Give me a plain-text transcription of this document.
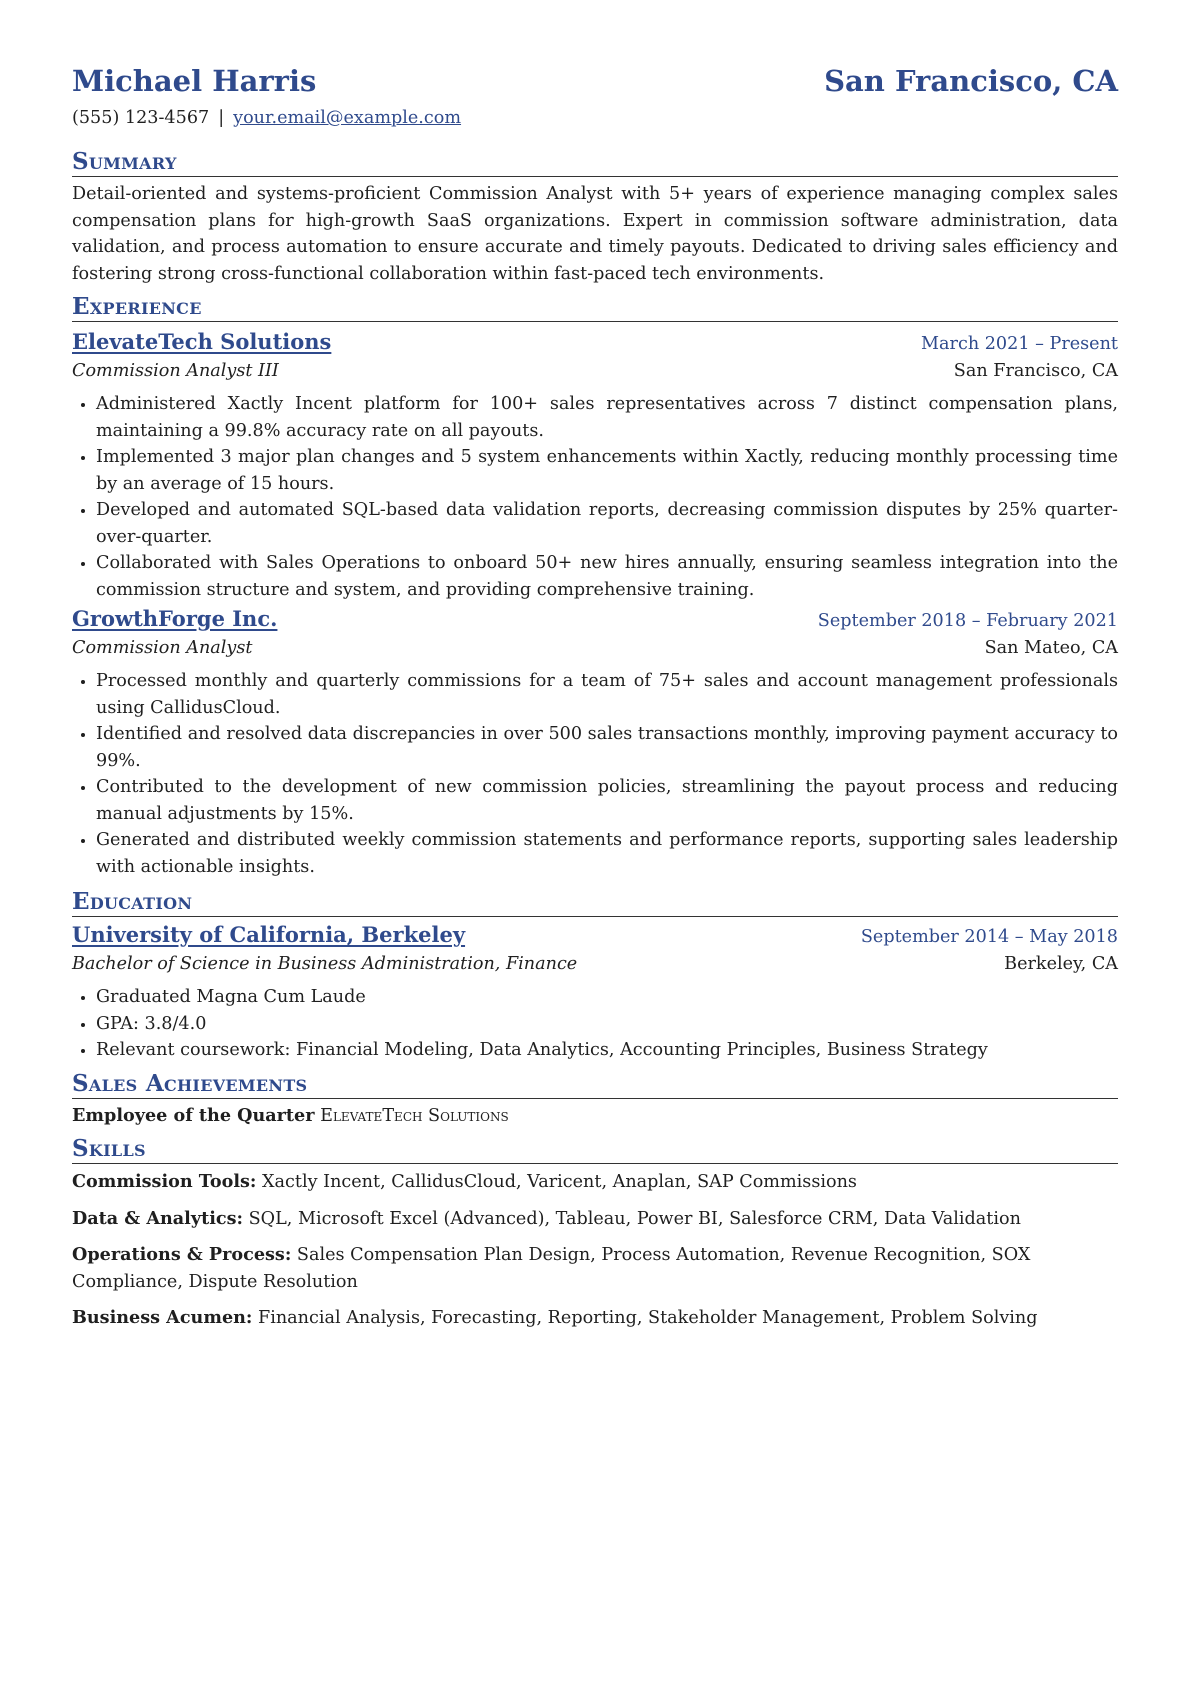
Michael Harris	San Francisco, CA
(555) 123-4567 | your.email@example.com
Summary

Detail-oriented and systems-proficient Commission Analyst with 5+ years of experience managing complex sales compensation plans for high-growth SaaS organizations. Expert in commission software administration, data validation, and process automation to ensure accurate and timely payouts. Dedicated to driving sales efficiency and fostering strong cross-functional collaboration within fast-paced tech environments.

Experience
ElevateTech Solutions	March 2021 – Present
Commission Analyst III	San Francisco, CA
• Administered Xactly Incent platform for 100+ sales representatives across 7 distinct compensation plans, maintaining a 99.8% accuracy rate on all payouts.
• Implemented 3 major plan changes and 5 system enhancements within Xactly, reducing monthly processing time by an average of 15 hours.
• Developed and automated SQL-based data validation reports, decreasing commission disputes by 25% quarter-over-quarter.
• Collaborated with Sales Operations to onboard 50+ new hires annually, ensuring seamless integration into the commission structure and system, and providing comprehensive training.
GrowthForge Inc.	September 2018 – February 2021
Commission Analyst	San Mateo, CA
• Processed monthly and quarterly commissions for a team of 75+ sales and account management professionals using CallidusCloud.
• Identified and resolved data discrepancies in over 500 sales transactions monthly, improving payment accuracy to 99%.
• Contributed to the development of new commission policies, streamlining the payout process and reducing manual adjustments by 15%.
• Generated and distributed weekly commission statements and performance reports, supporting sales leadership with actionable insights.
Education
University of California, Berkeley	September 2014 – May 2018
Bachelor of Science in Business Administration, Finance	Berkeley, CA
• Graduated Magna Cum Laude
• GPA: 3.8/4.0
• Relevant coursework: Financial Modeling, Data Analytics, Accounting Principles, Business Strategy
Sales Achievements
Employee of the Quarter ElevateTech Solutions
Skills

Commission Tools: Xactly Incent, CallidusCloud, Varicent, Anaplan, SAP Commissions

Data & Analytics: SQL, Microsoft Excel (Advanced), Tableau, Power BI, Salesforce CRM, Data Validation

Operations & Process: Sales Compensation Plan Design, Process Automation, Revenue Recognition, SOX Compliance, Dispute Resolution

Business Acumen: Financial Analysis, Forecasting, Reporting, Stakeholder Management, Problem Solving
